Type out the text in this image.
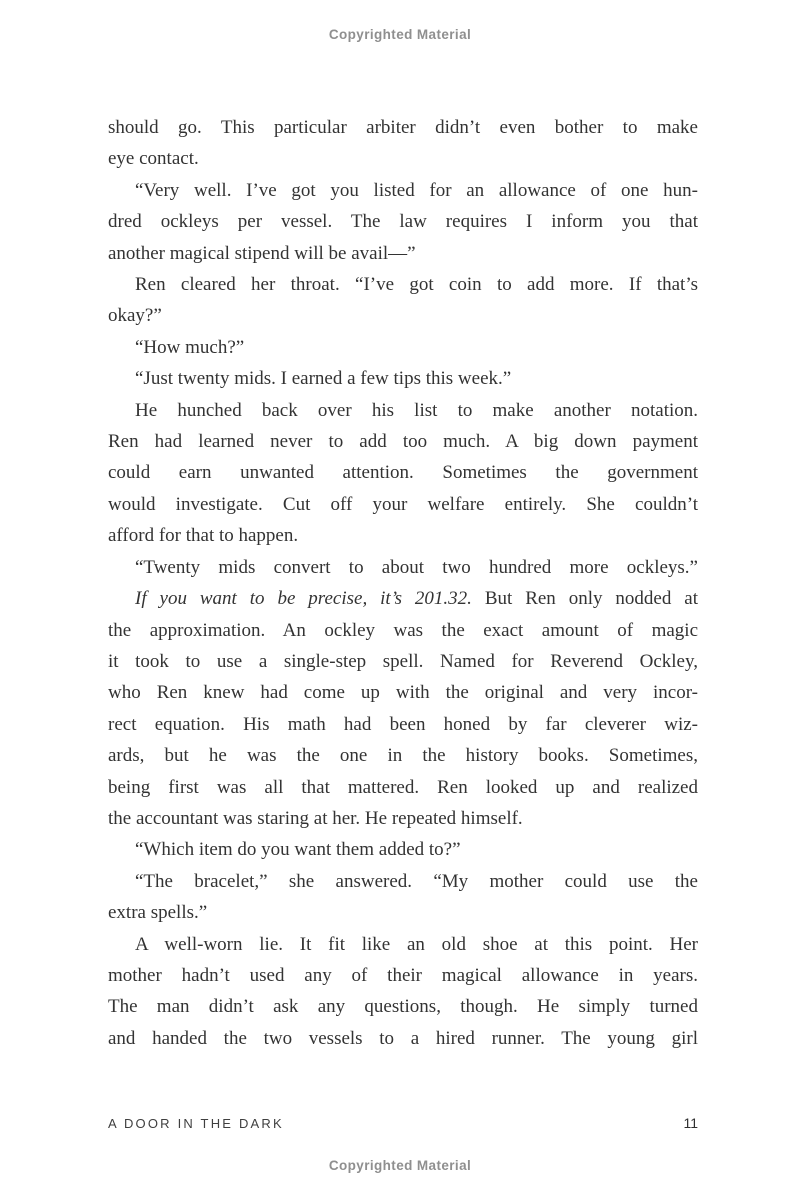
Copyrighted Material
should go. This particular arbiter didn’t even bother to make
eye contact.
“Very well. I’ve got you listed for an allowance of one hun-
dred ockleys per vessel. The law requires I inform you that
another magical stipend will be avail—”
Ren cleared her throat. “I’ve got coin to add more. If that’s
okay?”
“How much?”
“Just twenty mids. I earned a few tips this week.”
He hunched back over his list to make another notation.
Ren had learned never to add too much. A big down payment
could earn unwanted attention. Sometimes the government
would investigate. Cut off your welfare entirely. She couldn’t
afford for that to happen.
“Twenty mids convert to about two hundred more ockleys.”
If you want to be precise, it’s 201.32. But Ren only nodded at
the approximation. An ockley was the exact amount of magic
it took to use a single-step spell. Named for Reverend Ockley,
who Ren knew had come up with the original and very incor-
rect equation. His math had been honed by far cleverer wiz-
ards, but he was the one in the history books. Sometimes,
being first was all that mattered. Ren looked up and realized
the accountant was staring at her. He repeated himself.
“Which item do you want them added to?”
“The bracelet,” she answered. “My mother could use the
extra spells.”
A well-worn lie. It fit like an old shoe at this point. Her
mother hadn’t used any of their magical allowance in years.
The man didn’t ask any questions, though. He simply turned
and handed the two vessels to a hired runner. The young girl
A DOOR IN THE DARK	11
Copyrighted Material
